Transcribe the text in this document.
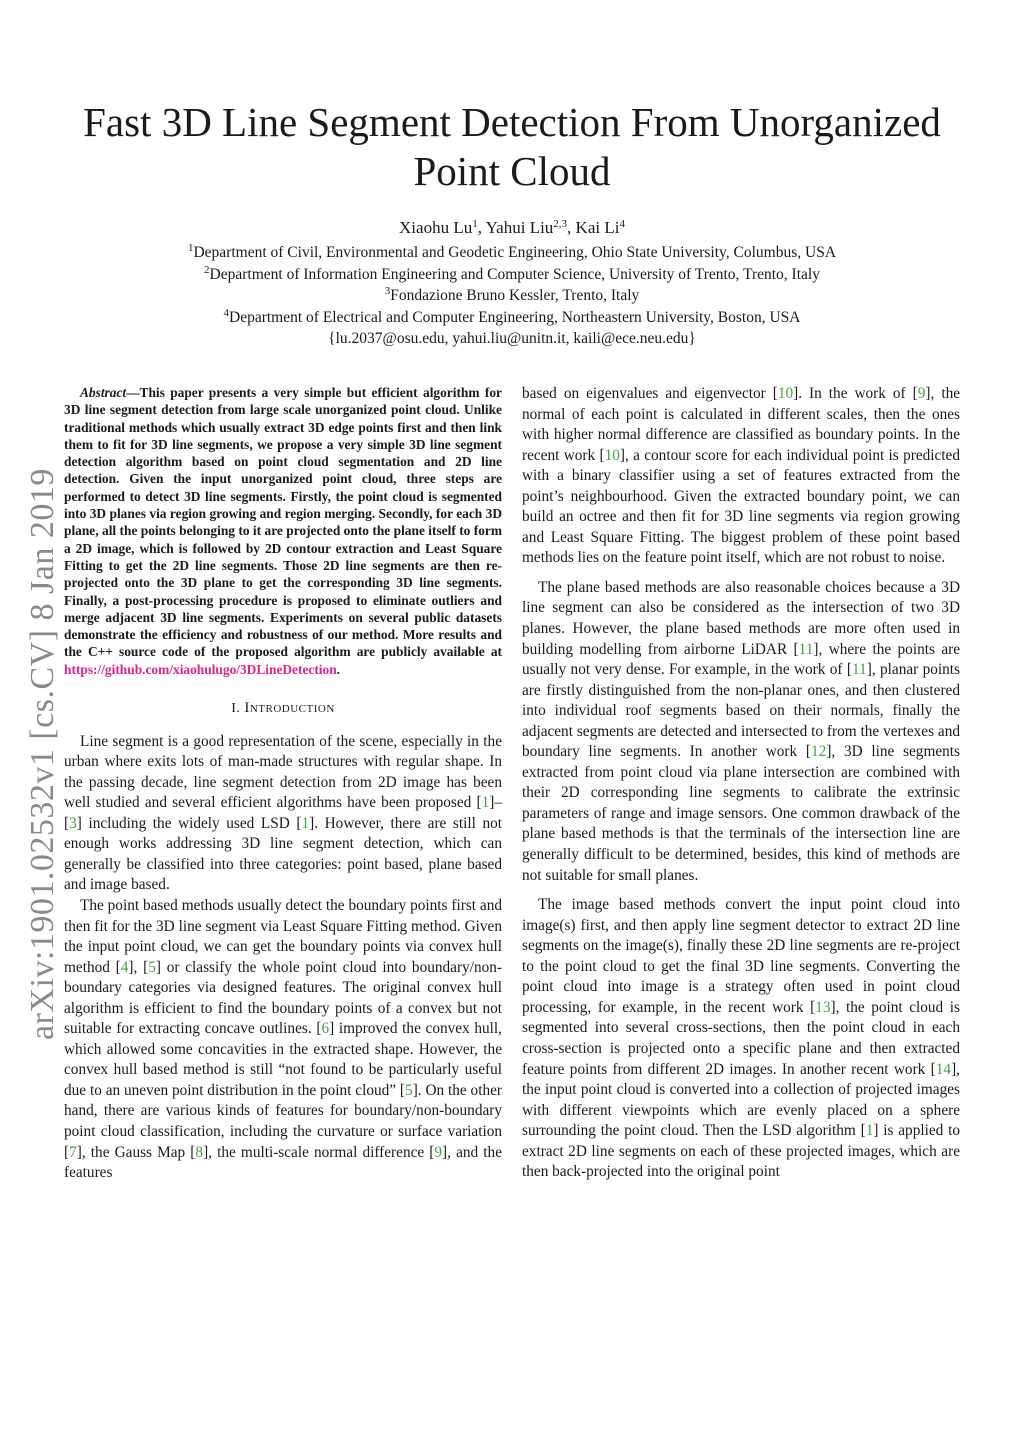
Fast 3D Line Segment Detection From Unorganized
Point Cloud
Xiaohu Lu$^1$, Yahui Liu$^{2,3}$, Kai Li$^4$
$^1$Department of Civil, Environmental and Geodetic Engineering, Ohio State University, Columbus, USA
$^2$Department of Information Engineering and Computer Science, University of Trento, Trento, Italy
$^3$Fondazione Bruno Kessler, Trento, Italy
$^4$Department of Electrical and Computer Engineering, Northeastern University, Boston, USA
{lu.2037@osu.edu, yahui.liu@unitn.it, kaili@ece.neu.edu}
arXiv:1901.02532v1 [cs.CV] 8 Jan 2019

Abstract—This paper presents a very simple but efficient algorithm for 3D line segment detection from large scale unorganized point cloud. Unlike traditional methods which usually extract 3D edge points first and then link them to fit for 3D line segments, we propose a very simple 3D line segment detection algorithm based on point cloud segmentation and 2D line detection. Given the input unorganized point cloud, three steps are performed to detect 3D line segments. Firstly, the point cloud is segmented into 3D planes via region growing and region merging. Secondly, for each 3D plane, all the points belonging to it are projected onto the plane itself to form a 2D image, which is followed by 2D contour extraction and Least Square Fitting to get the 2D line segments. Those 2D line segments are then re-projected onto the 3D plane to get the corresponding 3D line segments. Finally, a post-processing procedure is proposed to eliminate outliers and merge adjacent 3D line segments. Experiments on several public datasets demonstrate the efficiency and robustness of our method. More results and the C++ source code of the proposed algorithm are publicly available at https://github.com/xiaohulugo/3DLineDetection.

I. Introduction

Line segment is a good representation of the scene, especially in the urban where exits lots of man-made structures with regular shape. In the passing decade, line segment detection from 2D image has been well studied and several efficient algorithms have been proposed [1]–[3] including the widely used LSD [1]. However, there are still not enough works addressing 3D line segment detection, which can generally be classified into three categories: point based, plane based and image based.

The point based methods usually detect the boundary points first and then fit for the 3D line segment via Least Square Fitting method. Given the input point cloud, we can get the boundary points via convex hull method [4], [5] or classify the whole point cloud into boundary/non-boundary categories via designed features. The original convex hull algorithm is efficient to find the boundary points of a convex but not suitable for extracting concave outlines. [6] improved the convex hull, which allowed some concavities in the extracted shape. However, the convex hull based method is still “not found to be particularly useful due to an uneven point distribution in the point cloud” [5]. On the other hand, there are various kinds of features for boundary/non-boundary point cloud classification, including the curvature or surface variation [7], the Gauss Map [8], the multi-scale normal difference [9], and the features

based on eigenvalues and eigenvector [10]. In the work of [9], the normal of each point is calculated in different scales, then the ones with higher normal difference are classified as boundary points. In the recent work [10], a contour score for each individual point is predicted with a binary classifier using a set of features extracted from the point’s neighbourhood. Given the extracted boundary point, we can build an octree and then fit for 3D line segments via region growing and Least Square Fitting. The biggest problem of these point based methods lies on the feature point itself, which are not robust to noise.

The plane based methods are also reasonable choices because a 3D line segment can also be considered as the intersection of two 3D planes. However, the plane based methods are more often used in building modelling from airborne LiDAR [11], where the points are usually not very dense. For example, in the work of [11], planar points are firstly distinguished from the non-planar ones, and then clustered into individual roof segments based on their normals, finally the adjacent segments are detected and intersected to from the vertexes and boundary line segments. In another work [12], 3D line segments extracted from point cloud via plane intersection are combined with their 2D corresponding line segments to calibrate the extrinsic parameters of range and image sensors. One common drawback of the plane based methods is that the terminals of the intersection line are generally difficult to be determined, besides, this kind of methods are not suitable for small planes.

The image based methods convert the input point cloud into image(s) first, and then apply line segment detector to extract 2D line segments on the image(s), finally these 2D line segments are re-project to the point cloud to get the final 3D line segments. Converting the point cloud into image is a strategy often used in point cloud processing, for example, in the recent work [13], the point cloud is segmented into several cross-sections, then the point cloud in each cross-section is projected onto a specific plane and then extracted feature points from different 2D images. In another recent work [14], the input point cloud is converted into a collection of projected images with different viewpoints which are evenly placed on a sphere surrounding the point cloud. Then the LSD algorithm [1] is applied to extract 2D line segments on each of these projected images, which are then back-projected into the original point
